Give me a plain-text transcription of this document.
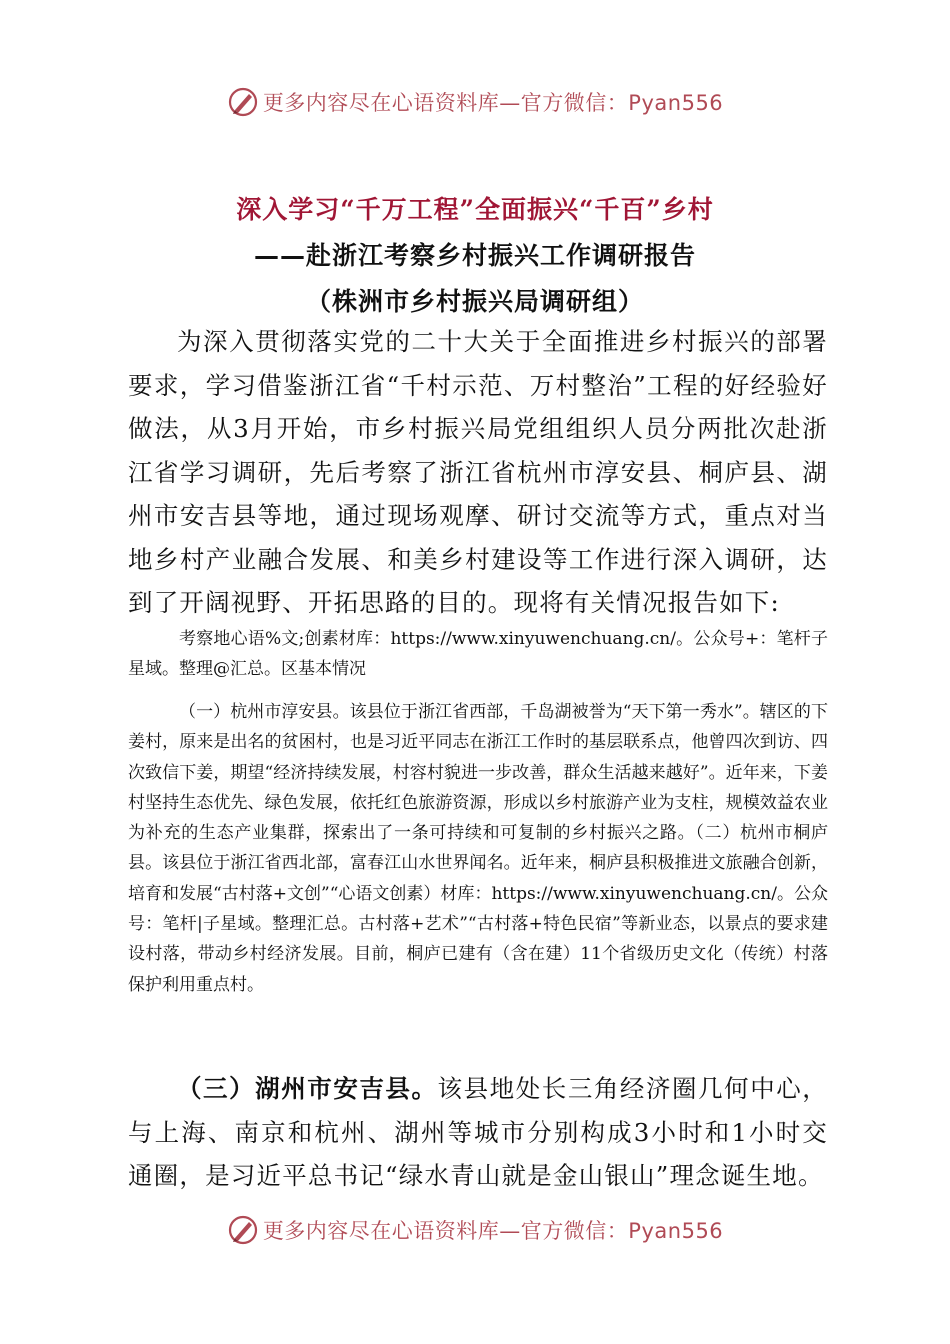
更多内容尽在心语资料库—官方微信：Pyan556
深入学习“千万工程”全面振兴“千百”乡村
——赴浙江考察乡村振兴工作调研报告
（株洲市乡村振兴局调研组）

为深入贯彻落实党的二十大关于全面推进乡村振兴的部署要求，学习借鉴浙江省“千村示范、万村整治”工程的好经验好做法，从3月开始，市乡村振兴局党组组织人员分两批次赴浙江省学习调研，先后考察了浙江省杭州市淳安县、桐庐县、湖州市安吉县等地，通过现场观摩、研讨交流等方式，重点对当地乡村产业融合发展、和美乡村建设等工作进行深入调研，达到了开阔视野、开拓思路的目的。现将有关情况报告如下:

考察地心语%文;创素材库：https://www.xinyuwenchuang.cn/。公众号+：笔杆子星域。整理@汇总。区基本情况

（一）杭州市淳安县。该县位于浙江省西部，千岛湖被誉为“天下第一秀水”。辖区的下姜村，原来是出名的贫困村，也是习近平同志在浙江工作时的基层联系点，他曾四次到访、四次致信下姜，期望“经济持续发展，村容村貌进一步改善，群众生活越来越好”。近年来，下姜村坚持生态优先、绿色发展，依托红色旅游资源，形成以乡村旅游产业为支柱，规模效益农业为补充的生态产业集群，探索出了一条可持续和可复制的乡村振兴之路。（二）杭州市桐庐县。该县位于浙江省西北部，富春江山水世界闻名。近年来，桐庐县积极推进文旅融合创新，培育和发展“古村落+文创”“心语文创素）材库：https://www.xinyuwenchuang.cn/。公众号：笔杆|子星域。整理汇总。古村落+艺术”“古村落+特色民宿”等新业态，以景点的要求建设村落，带动乡村经济发展。目前，桐庐已建有（含在建）11个省级历史文化（传统）村落保护利用重点村。

（三）湖州市安吉县。该县地处长三角经济圈几何中心，与上海、南京和杭州、湖州等城市分别构成3小时和1小时交通圈，是习近平总书记“绿水青山就是金山银山”理念诞生地。

更多内容尽在心语资料库—官方微信：Pyan556
